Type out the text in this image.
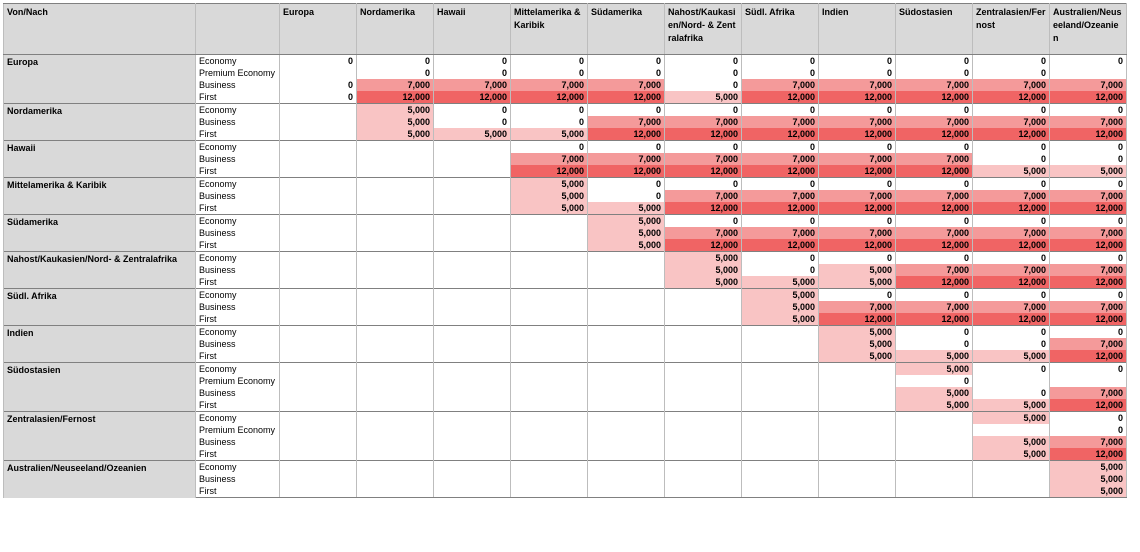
Von/Nach		Europa	Nordamerika	Hawaii	Mittelamerika & Karibik	Südamerika	Nahost/Kaukasien/Nord- & Zentralafrika	Südl. Afrika	Indien	Südostasien	Zentralasien/Fernost	Australien/Neuseeland/Ozeanien
Europa	Economy	0	0	0	0	0	0	0	0	0	0	0
	Premium Economy		0	0	0	0	0	0	0	0	0	
	Business	0	7,000	7,000	7,000	7,000	0	7,000	7,000	7,000	7,000	7,000
	First	0	12,000	12,000	12,000	12,000	5,000	12,000	12,000	12,000	12,000	12,000
Nordamerika	Economy		5,000	0	0	0	0	0	0	0	0	0
	Business		5,000	0	0	7,000	7,000	7,000	7,000	7,000	7,000	7,000
	First		5,000	5,000	5,000	12,000	12,000	12,000	12,000	12,000	12,000	12,000
Hawaii	Economy				0	0	0	0	0	0	0	0
	Business				7,000	7,000	7,000	7,000	7,000	7,000	0	0
	First				12,000	12,000	12,000	12,000	12,000	12,000	5,000	5,000
Mittelamerika & Karibik	Economy				5,000	0	0	0	0	0	0	0
	Business				5,000	0	7,000	7,000	7,000	7,000	7,000	7,000
	First				5,000	5,000	12,000	12,000	12,000	12,000	12,000	12,000
Südamerika	Economy					5,000	0	0	0	0	0	0
	Business					5,000	7,000	7,000	7,000	7,000	7,000	7,000
	First					5,000	12,000	12,000	12,000	12,000	12,000	12,000
Nahost/Kaukasien/Nord- & Zentralafrika	Economy						5,000	0	0	0	0	0
	Business						5,000	0	5,000	7,000	7,000	7,000
	First						5,000	5,000	5,000	12,000	12,000	12,000
Südl. Afrika	Economy							5,000	0	0	0	0
	Business							5,000	7,000	7,000	7,000	7,000
	First							5,000	12,000	12,000	12,000	12,000
Indien	Economy								5,000	0	0	0
	Business								5,000	0	0	7,000
	First								5,000	5,000	5,000	12,000
Südostasien	Economy									5,000	0	0
	Premium Economy									0		
	Business									5,000	0	7,000
	First									5,000	5,000	12,000
Zentralasien/Fernost	Economy										5,000	0
	Premium Economy											0
	Business										5,000	7,000
	First										5,000	12,000
Australien/Neuseeland/Ozeanien	Economy											5,000
	Business											5,000
	First											5,000
